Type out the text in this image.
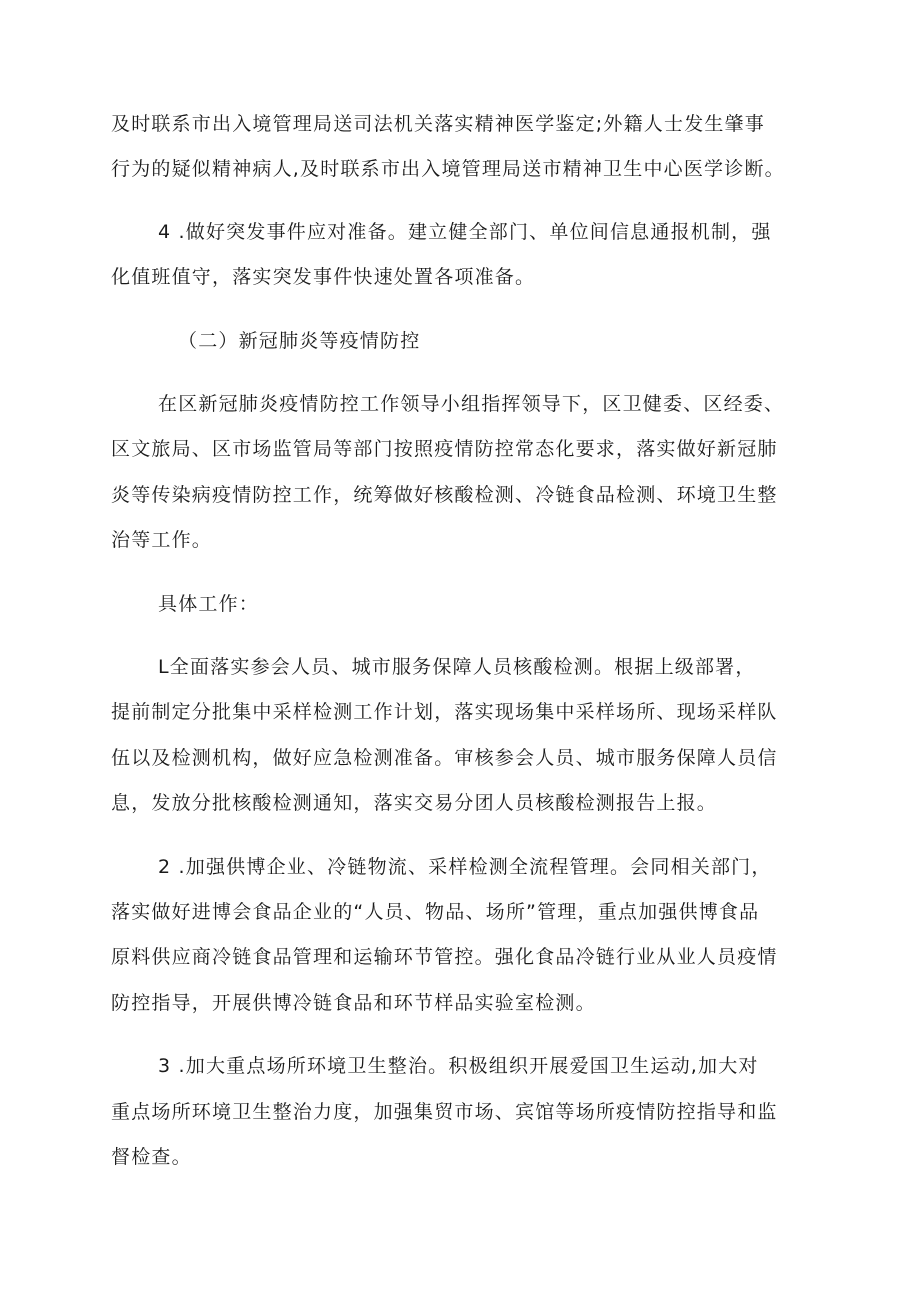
及时联系市出入境管理局送司法机关落实精神医学鉴定;外籍人士发生肇事
行为的疑似精神病人,及时联系市出入境管理局送市精神卫生中心医学诊断。
4 .做好突发事件应对准备。建立健全部门、单位间信息通报机制，强
化值班值守，落实突发事件快速处置各项准备。
（二）新冠肺炎等疫情防控
在区新冠肺炎疫情防控工作领导小组指挥领导下，区卫健委、区经委、
区文旅局、区市场监管局等部门按照疫情防控常态化要求，落实做好新冠肺
炎等传染病疫情防控工作，统筹做好核酸检测、冷链食品检测、环境卫生整
治等工作。
具体工作：
L全面落实参会人员、城市服务保障人员核酸检测。根据上级部署，
提前制定分批集中采样检测工作计划，落实现场集中采样场所、现场采样队
伍以及检测机构，做好应急检测准备。审核参会人员、城市服务保障人员信
息，发放分批核酸检测通知，落实交易分团人员核酸检测报告上报。
2 .加强供博企业、冷链物流、采样检测全流程管理。会同相关部门，
落实做好进博会食品企业的“人员、物品、场所”管理，重点加强供博食品
原料供应商冷链食品管理和运输环节管控。强化食品冷链行业从业人员疫情
防控指导，开展供博冷链食品和环节样品实验室检测。
3 .加大重点场所环境卫生整治。积极组织开展爱国卫生运动,加大对
重点场所环境卫生整治力度，加强集贸市场、宾馆等场所疫情防控指导和监
督检查。
